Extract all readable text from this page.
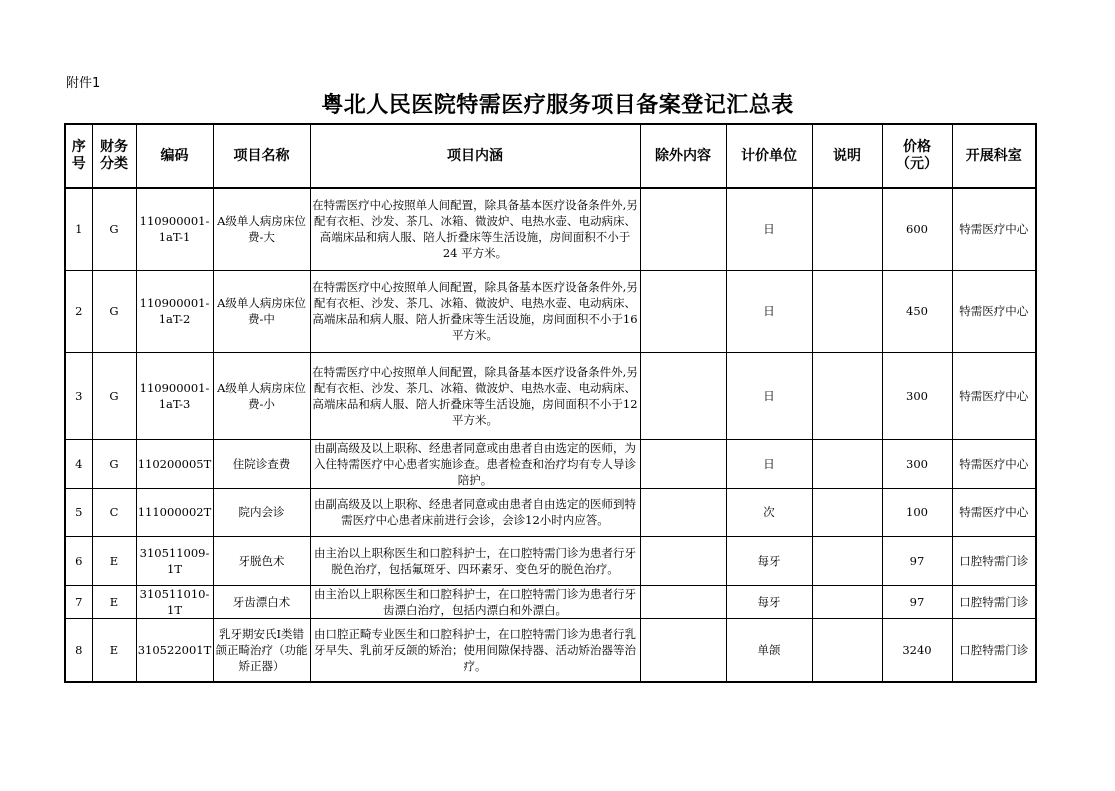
附件1
粤北人民医院特需医疗服务项目备案登记汇总表
序号	财务分类	编码	项目名称	项目内涵	除外内容	计价单位	说明	价格（元）	开展科室
1	G	110900001-1aT-1	A级单人病房床位费-大	在特需医疗中心按照单人间配置，除具备基本医疗设备条件外,另配有衣柜、沙发、茶几、冰箱、微波炉、电热水壶、电动病床、高端床品和病人服、陪人折叠床等生活设施，房间面积不小于 24 平方米。		日		600	特需医疗中心
2	G	110900001-1aT-2	A级单人病房床位费-中	在特需医疗中心按照单人间配置，除具备基本医疗设备条件外,另配有衣柜、沙发、茶几、冰箱、微波炉、电热水壶、电动病床、高端床品和病人服、陪人折叠床等生活设施，房间面积不小于16 平方米。		日		450	特需医疗中心
3	G	110900001-1aT-3	A级单人病房床位费-小	在特需医疗中心按照单人间配置，除具备基本医疗设备条件外,另配有衣柜、沙发、茶几、冰箱、微波炉、电热水壶、电动病床、高端床品和病人服、陪人折叠床等生活设施，房间面积不小于12 平方米。		日		300	特需医疗中心
4	G	110200005T	住院诊查费	由副高级及以上职称、经患者同意或由患者自由选定的医师，为入住特需医疗中心患者实施诊查。患者检查和治疗均有专人导诊陪护。		日		300	特需医疗中心
5	C	111000002T	院内会诊	由副高级及以上职称、经患者同意或由患者自由选定的医师到特需医疗中心患者床前进行会诊，会诊12小时内应答。		次		100	特需医疗中心
6	E	310511009-1T	牙脱色术	由主治以上职称医生和口腔科护士，在口腔特需门诊为患者行牙脱色治疗，包括氟斑牙、四环素牙、变色牙的脱色治疗。		每牙		97	口腔特需门诊
7	E	310511010-1T	牙齿漂白术	由主治以上职称医生和口腔科护士，在口腔特需门诊为患者行牙齿漂白治疗，包括内漂白和外漂白。		每牙		97	口腔特需门诊
8	E	310522001T	乳牙期安氏I类错颌正畸治疗（功能矫正器）	由口腔正畸专业医生和口腔科护士，在口腔特需门诊为患者行乳牙早失、乳前牙反颌的矫治；使用间隙保持器、活动矫治器等治疗。		单颌		3240	口腔特需门诊
